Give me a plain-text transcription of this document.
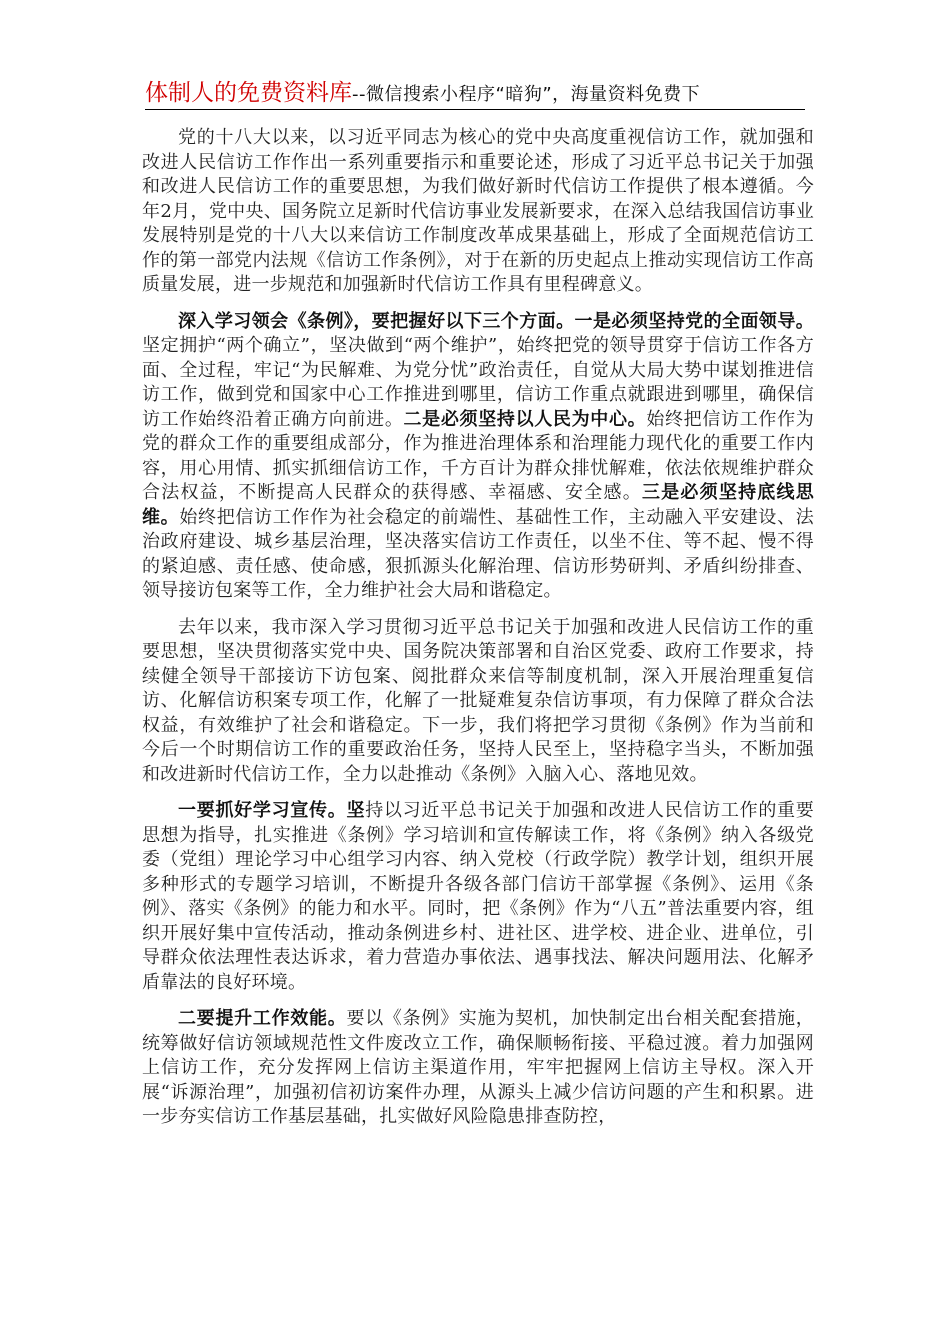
体制人的免费资料库--微信搜索小程序“暗狗”，海量资料免费下

党的十八大以来，以习近平同志为核心的党中央高度重视信访工作，就加强和改进人民信访工作作出一系列重要指示和重要论述，形成了习近平总书记关于加强和改进人民信访工作的重要思想，为我们做好新时代信访工作提供了根本遵循。今年2月，党中央、国务院立足新时代信访事业发展新要求，在深入总结我国信访事业发展特别是党的十八大以来信访工作制度改革成果基础上，形成了全面规范信访工作的第一部党内法规《信访工作条例》，对于在新的历史起点上推动实现信访工作高质量发展，进一步规范和加强新时代信访工作具有里程碑意义。

深入学习领会《条例》，要把握好以下三个方面。一是必须坚持党的全面领导。坚定拥护“两个确立”，坚决做到“两个维护”，始终把党的领导贯穿于信访工作各方面、全过程，牢记“为民解难、为党分忧”政治责任，自觉从大局大势中谋划推进信访工作，做到党和国家中心工作推进到哪里，信访工作重点就跟进到哪里，确保信访工作始终沿着正确方向前进。二是必须坚持以人民为中心。始终把信访工作作为党的群众工作的重要组成部分，作为推进治理体系和治理能力现代化的重要工作内容，用心用情、抓实抓细信访工作，千方百计为群众排忧解难，依法依规维护群众合法权益，不断提高人民群众的获得感、幸福感、安全感。三是必须坚持底线思维。始终把信访工作作为社会稳定的前端性、基础性工作，主动融入平安建设、法治政府建设、城乡基层治理，坚决落实信访工作责任，以坐不住、等不起、慢不得的紧迫感、责任感、使命感，狠抓源头化解治理、信访形势研判、矛盾纠纷排查、领导接访包案等工作，全力维护社会大局和谐稳定。

去年以来，我市深入学习贯彻习近平总书记关于加强和改进人民信访工作的重要思想，坚决贯彻落实党中央、国务院决策部署和自治区党委、政府工作要求，持续健全领导干部接访下访包案、阅批群众来信等制度机制，深入开展治理重复信访、化解信访积案专项工作，化解了一批疑难复杂信访事项，有力保障了群众合法权益，有效维护了社会和谐稳定。下一步，我们将把学习贯彻《条例》作为当前和今后一个时期信访工作的重要政治任务，坚持人民至上，坚持稳字当头，不断加强和改进新时代信访工作，全力以赴推动《条例》入脑入心、落地见效。

一要抓好学习宣传。坚持以习近平总书记关于加强和改进人民信访工作的重要思想为指导，扎实推进《条例》学习培训和宣传解读工作，将《条例》纳入各级党委（党组）理论学习中心组学习内容、纳入党校（行政学院）教学计划，组织开展多种形式的专题学习培训，不断提升各级各部门信访干部掌握《条例》、运用《条例》、落实《条例》的能力和水平。同时，把《条例》作为“八五”普法重要内容，组织开展好集中宣传活动，推动条例进乡村、进社区、进学校、进企业、进单位，引导群众依法理性表达诉求，着力营造办事依法、遇事找法、解决问题用法、化解矛盾靠法的良好环境。

二要提升工作效能。要以《条例》实施为契机，加快制定出台相关配套措施，统筹做好信访领域规范性文件废改立工作，确保顺畅衔接、平稳过渡。着力加强网上信访工作，充分发挥网上信访主渠道作用，牢牢把握网上信访主导权。深入开展“诉源治理”，加强初信初访案件办理，从源头上减少信访问题的产生和积累。进一步夯实信访工作基层基础，扎实做好风险隐患排查防控，
